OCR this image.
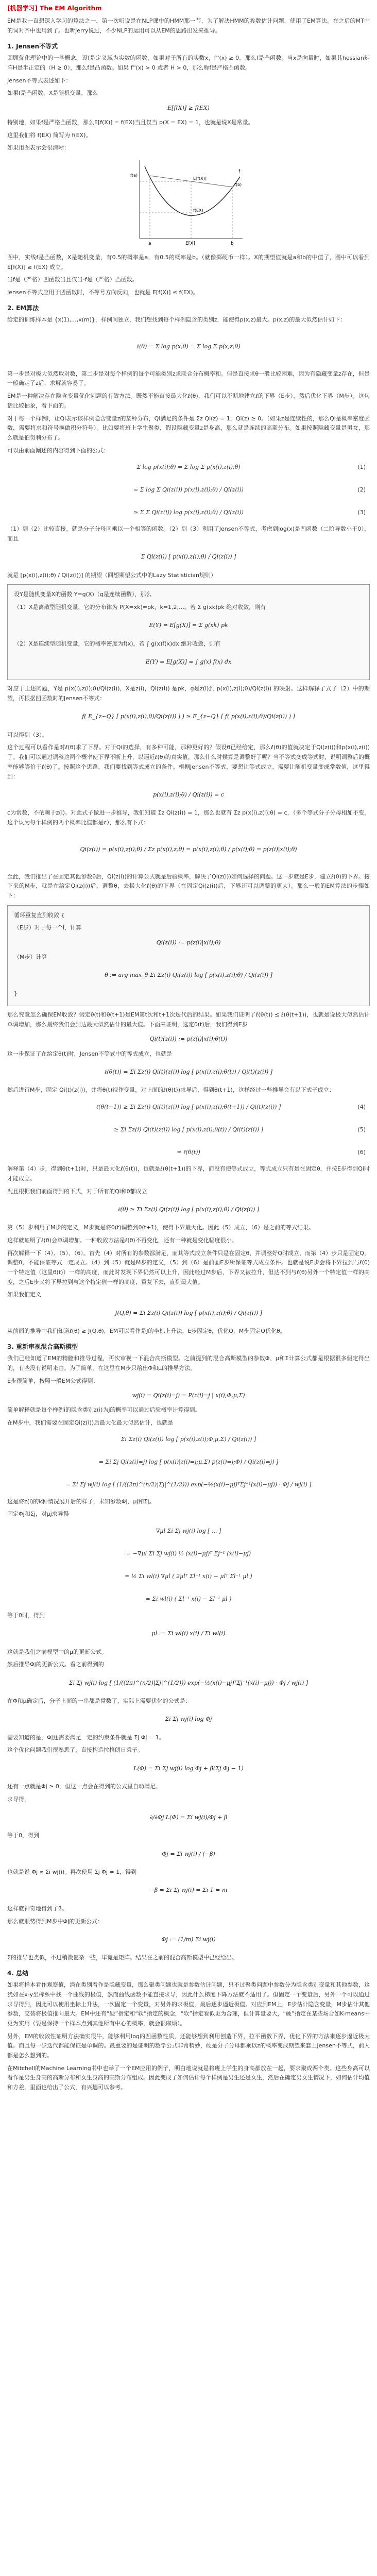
[机器学习] The EM Algorithm
EM是我一直想深入学习的算法之一，第一次听说是在NLP课中的HMM那一节，为了解决HMM的参数估计问题，使用了EM算法。在之后的MT中的词对齐中也用到了。也听Jerry说过，不少NLP的运用可以从EM的思路出发来推导。
1. Jensen不等式
回顾优化理论中的一些概念。设f是定义域为实数的函数，如果对于所有的实数x，f''(x) ≥ 0，那么f是凸函数。当x是向量时，如果其hessian矩阵H是半正定的（H ≥ 0），那么f是凸函数。如果 f''(x) > 0 或者 H > 0，那么称f是严格凸函数。
Jensen不等式表述如下：
如果f是凸函数，X是随机变量，那么
E[f(X)] ≥ f(EX)
特别地，如果f是严格凸函数，那么E[f(X)] = f(EX)当且仅当 p(X = EX) = 1，也就是说X是常量。
这里我们将 f(EX) 简写为 f(EX)。
如果用图表示会很清晰：
a	b
E[X]
f(a)
f(b)
E[f(X)]
f(EX)
f
图中，实线f是凸函数，X是随机变量，有0.5的概率是a，有0.5的概率是b。（就像掷硬币一样）。X的期望值就是a和b的中值了，图中可以看到 E[f(X)] ≥ f(EX) 成立。
当f是（严格）凹函数当且仅当-f是（严格）凸函数。
Jensen不等式应用于凹函数时，不等号方向反向，也就是 E[f(X)] ≤ f(EX)。
2. EM算法
给定的训练样本是 {x(1),...,x(m)}，样例间独立，我们想找到每个样例隐含的类别z，能使得p(x,z)最大。p(x,z)的最大似然估计如下：
ℓ(θ) = Σ log p(x;θ) = Σ log Σ p(x,z;θ)
第一步是对极大似然取对数，第二步是对每个样例的每个可能类别z求联合分布概率和。但是直接求θ一般比较困难，因为有隐藏变量z存在，但是一般确定了z后，求解就容易了。
EM是一种解决存在隐含变量优化问题的有效方法。既然不能直接最大化ℓ(θ)，我们可以不断地建立ℓ的下界（E步），然后优化下界（M步）。这句话比较抽象，看下面的。
对于每一个样例i，让Qi表示该样例隐含变量z的某种分布，Qi满足的条件是 Σz Qi(z) = 1，Qi(z) ≥ 0。（如果z是连续性的，那么Qi是概率密度函数，需要将求和符号换做积分符号）。比如要将班上学生聚类，假设隐藏变量z是身高，那么就是连续的高斯分布。如果按照隐藏变量是男女，那么就是伯努利分布了。
可以由前面阐述的内容得到下面的公式：
Σ log p(x(i);θ) = Σ log Σ p(x(i),z(i);θ)	(1)
= Σ log Σ Qi(z(i)) p(x(i),z(i);θ) / Qi(z(i))	(2)
≥ Σ Σ Qi(z(i)) log p(x(i),z(i);θ) / Qi(z(i))	(3)
（1）到（2）比较直接，就是分子分母同乘以一个相等的函数。（2）到（3）利用了Jensen不等式，考虑到log(x)是凹函数（二阶导数小于0），而且
Σ Qi(z(i)) [ p(x(i),z(i);θ) / Qi(z(i)) ]
就是 [p(x(i),z(i);θ) / Qi(z(i))] 的期望（回想期望公式中的Lazy Statistician规则）
设Y是随机变量X的函数 Y=g(X)（g是连续函数），那么
（1）X是离散型随机变量，它的分布律为 P(X=xk)=pk，k=1,2,…。若 Σ g(xk)pk 绝对收敛，则有
E(Y) = E[g(X)] = Σ g(xk) pk
（2）X是连续型随机变量，它的概率密度为f(x)，若 ∫ g(x)f(x)dx 绝对收敛，则有
E(Y) = E[g(X)] = ∫ g(x) f(x) dx
对应于上述问题，Y是 p(x(i),z(i);θ)/Qi(z(i))，X是z(i)，Qi(z(i)) 是pk，g是z(i)到 p(x(i),z(i);θ)/Qi(z(i)) 的映射。这样解释了式子（2）中的期望，再根据凹函数时的Jensen不等式：
f( E_{z~Q} [ p(x(i),z(i);θ)/Qi(z(i)) ] ) ≥ E_{z~Q} [ f( p(x(i),z(i);θ)/Qi(z(i)) ) ]
可以得到（3）。
这个过程可以看作是对ℓ(θ)求了下界。对于Qi的选择，有多种可能，那种更好的？假设θ已经给定，那么ℓ(θ)的值就决定于Qi(z(i))和p(x(i),z(i))了。我们可以通过调整这两个概率使下界不断上升，以逼近ℓ(θ)的真实值，那么什么时候算是调整好了呢？当不等式变成等式时，说明调整后的概率能够等价于ℓ(θ)了。按照这个思路，我们要找到等式成立的条件。根据Jensen不等式，要想让等式成立，需要让随机变量变成常数值，这里得到：
p(x(i),z(i);θ) / Qi(z(i)) = c
c为常数，不依赖于z(i)。对此式子做进一步推导，我们知道 Σz Qi(z(i)) = 1，那么也就有 Σz p(x(i),z(i);θ) = c，（多个等式分子分母相加不变，这个认为每个样例的两个概率比值都是c），那么有下式：
Qi(z(i)) = p(x(i),z(i);θ) / Σz p(x(i),z;θ) = p(x(i),z(i);θ) / p(x(i);θ) = p(z(i)|x(i);θ)
至此，我们推出了在固定其他参数θ后，Qi(z(i))的计算公式就是后验概率，解决了Qi(z(i))如何选择的问题。这一步就是E步，建立ℓ(θ)的下界。接下来的M步，就是在给定Qi(z(i))后，调整θ，去极大化ℓ(θ)的下界（在固定Qi(z(i))后，下界还可以调整的更大）。那么一般的EM算法的步骤如下：
循环重复直到收敛 {
（E步）对于每一个i，计算
Qi(z(i)) := p(z(i)|x(i);θ)
（M步）计算
θ := arg max_θ Σi Σz(i) Qi(z(i)) log [ p(x(i),z(i);θ) / Qi(z(i)) ]
}
那么究竟怎么确保EM收敛？假定θ(t)和θ(t+1)是EM第t次和t+1次迭代后的结果。如果我们证明了ℓ(θ(t)) ≤ ℓ(θ(t+1))，也就是说极大似然估计单调增加，那么最终我们会到达最大似然估计的最大值。下面来证明，选定θ(t)后，我们得到E步
Qi(t)(z(i)) := p(z(i)|x(i);θ(t))
这一步保证了在给定θ(t)时，Jensen不等式中的等式成立，也就是
ℓ(θ(t)) = Σi Σz(i) Qi(t)(z(i)) log [ p(x(i),z(i);θ(t)) / Qi(t)(z(i)) ]
然后进行M步，固定 Qi(t)(z(i))，并将θ(t)视作变量，对上面的ℓ(θ(t))求导后，得到θ(t+1)，这样经过一些推导会有以下式子成立：
ℓ(θ(t+1)) ≥ Σi Σz(i) Qi(t)(z(i)) log [ p(x(i),z(i);θ(t+1)) / Qi(t)(z(i)) ]	(4)
≥ Σi Σz(i) Qi(t)(z(i)) log [ p(x(i),z(i);θ(t)) / Qi(t)(z(i)) ]	(5)
= ℓ(θ(t))	(6)
解释第（4）步，得到θ(t+1)时，只是最大化ℓ(θ(t))，也就是ℓ(θ(t+1))的下界，而没有使等式成立，等式成立只有是在固定θ，并按E步得到Qi时才能成立。
况且根据我们前面得到的下式，对于所有的Qi和θ都成立
ℓ(θ) ≥ Σi Σz(i) Qi(z(i)) log [ p(x(i),z(i);θ) / Qi(z(i)) ]
第（5）步利用了M步的定义，M步就是将θ(t)调整到θ(t+1)，使得下界最大化。因此（5）成立，（6）是之前的等式结果。
这样就证明了ℓ(θ)会单调增加。一种收敛方法是ℓ(θ)不再变化，还有一种就是变化幅度很小。
再次解释一下（4）、（5）、（6）。首先（4）对所有的参数都满足，而其等式成立条件只是在固定θ，并调整好Q时成立，而第（4）步只是固定Q，调整θ，不能保证等式一定成立。（4）到（5）就是M步的定义，（5）到（6）是前面E步所保证等式成立条件。也就是说E步会将下界拉到与ℓ(θ)一个特定值（这里θ(t)）一样的高度，而此时发现下界仍然可以上升，因此经过M步后，下界又被拉升，但达不到与ℓ(θ)另外一个特定值一样的高度，之后E步又将下界拉到与这个特定值一样的高度，重复下去，直到最大值。
如果我们定义
J(Q,θ) = Σi Σz(i) Qi(z(i)) log [ p(x(i),z(i);θ) / Qi(z(i)) ]
从前面的推导中我们知道ℓ(θ) ≥ J(Q,θ)，EM可以看作是J的坐标上升法，E步固定θ，优化Q，M步固定Q优化θ。
3. 重新审视混合高斯模型
我们已经知道了EM的精髓和推导过程，再次审视一下混合高斯模型。之前提到的混合高斯模型的参数Φ、μ和Σ计算公式都是根据很多假定得出的，有些没有说明来由。为了简单，在这里在M步只给出Φ和μ的推导方法。
E步很简单，按照一般EM公式得到：
wj(i) = Qi(z(i)=j) = P(z(i)=j | x(i);Φ,μ,Σ)
简单解释就是每个样例i的隐含类别z(i)为j的概率可以通过后验概率计算得到。
在M步中，我们需要在固定Qi(z(i))后最大化最大似然估计，也就是
Σi Σz(i) Qi(z(i)) log [ p(x(i),z(i);Φ,μ,Σ) / Qi(z(i)) ]
= Σi Σj Qi(z(i)=j) log [ p(x(i)|z(i)=j;μ,Σ) p(z(i)=j;Φ) / Qi(z(i)=j) ]
= Σi Σj wj(i) log [ (1/((2π)^(n/2)|Σj|^(1/2))) exp(−½(x(i)−μj)ᵀΣj⁻¹(x(i)−μj)) · Φj / wj(i) ]
这是将z(i)的k种情况展开后的样子，未知参数Φj、μj和Σj。
固定Φj和Σj，对μj求导得
∇μl Σi Σj wj(i) log [ ... ]
= −∇μl Σi Σj wj(i) ½ (x(i)−μj)ᵀ Σj⁻¹ (x(i)−μj)
= ½ Σi wl(i) ∇μl ( 2μlᵀ Σl⁻¹ x(i) − μlᵀ Σl⁻¹ μl )
= Σi wl(i) ( Σl⁻¹ x(i) − Σl⁻¹ μl )
等于0时，得到
μl := Σi wl(i) x(i) / Σi wl(i)
这就是我们之前模型中的μ的更新公式。
然后推导Φj的更新公式。看之前得到的
Σi Σj wj(i) log [ (1/((2π)^(n/2)|Σj|^(1/2))) exp(−½(x(i)−μj)ᵀΣj⁻¹(x(i)−μj)) · Φj / wj(i) ]
在Φ和μ确定后，分子上面的一串都是常数了，实际上需要优化的公式是：
Σi Σj wj(i) log Φj
需要知道的是，Φj还需要满足一定的约束条件就是 Σj Φj = 1。
这个优化问题我们很熟悉了，直接构造拉格朗日乘子。
L(Φ) = Σi Σj wj(i) log Φj + β(Σj Φj − 1)
还有一点就是Φj ≥ 0，但这一点会在得到的公式里自动满足。
求导得，
∂/∂Φj L(Φ) = Σi wj(i)/Φj + β
等于0，得到
Φj = Σi wj(i) / (−β)
也就是说 Φj ∝ Σi wj(i)。再次使用 Σj Φj = 1，得到
−β = Σi Σj wj(i) = Σi 1 = m
这样就神奇地得到了β。
那么就顺势得到M步中Φj的更新公式：
Φj := (1/m) Σi wj(i)
Σ的推导也类似，不过稍微复杂一些，毕竟是矩阵。结果在之前的混合高斯模型中已经给出。
4. 总结
如果将样本看作观察值，潜在类别看作是隐藏变量，那么聚类问题也就是参数估计问题，只不过聚类问题中参数分为隐含类别变量和其他参数，这犹如在x-y坐标系中找一个曲线的极值，然而曲线函数不能直接求导，因此什么梯度下降方法就不适用了。但固定一个变量后，另外一个可以通过求导得到，因此可以使用坐标上升法，一次固定一个变量，对另外的求极值，最后逐步逼近极值。对应到EM上，E步估计隐含变量，M步估计其他参数，交替将极值推向最大。EM中还有“硬”指定和“软”指定的概念，“软”指定看似更为合理，但计算量要大，“硬”指定在某些场合如K-means中更为实用（要是保持一个样本点到其他所有中心的概率，就会很麻烦）。
另外，EM的收敛性证明方法确实很牛，能够利用log的凹函数性质，还能够想到利用创造下界，拉平函数下界，优化下界的方法来逐步逼近极大值。而且每一步迭代都能保证是单调的。最重要的是证明的数学公式非常精妙，硬是分子分母都乘以z的概率变成期望来套上Jensen不等式，前人都是怎么想到的。
在Mitchell的Machine Learning书中也举了一个EM应用的例子，明白地说就是将班上学生的身高都放在一起，要求聚成两个类。这些身高可以看作是男生身高的高斯分布和女生身高的高斯分布组成。因此变成了如何估计每个样例是男生还是女生，然后在确定男女生情况下，如何估计均值和方差，里面也给出了公式，有兴趣可以参考。
